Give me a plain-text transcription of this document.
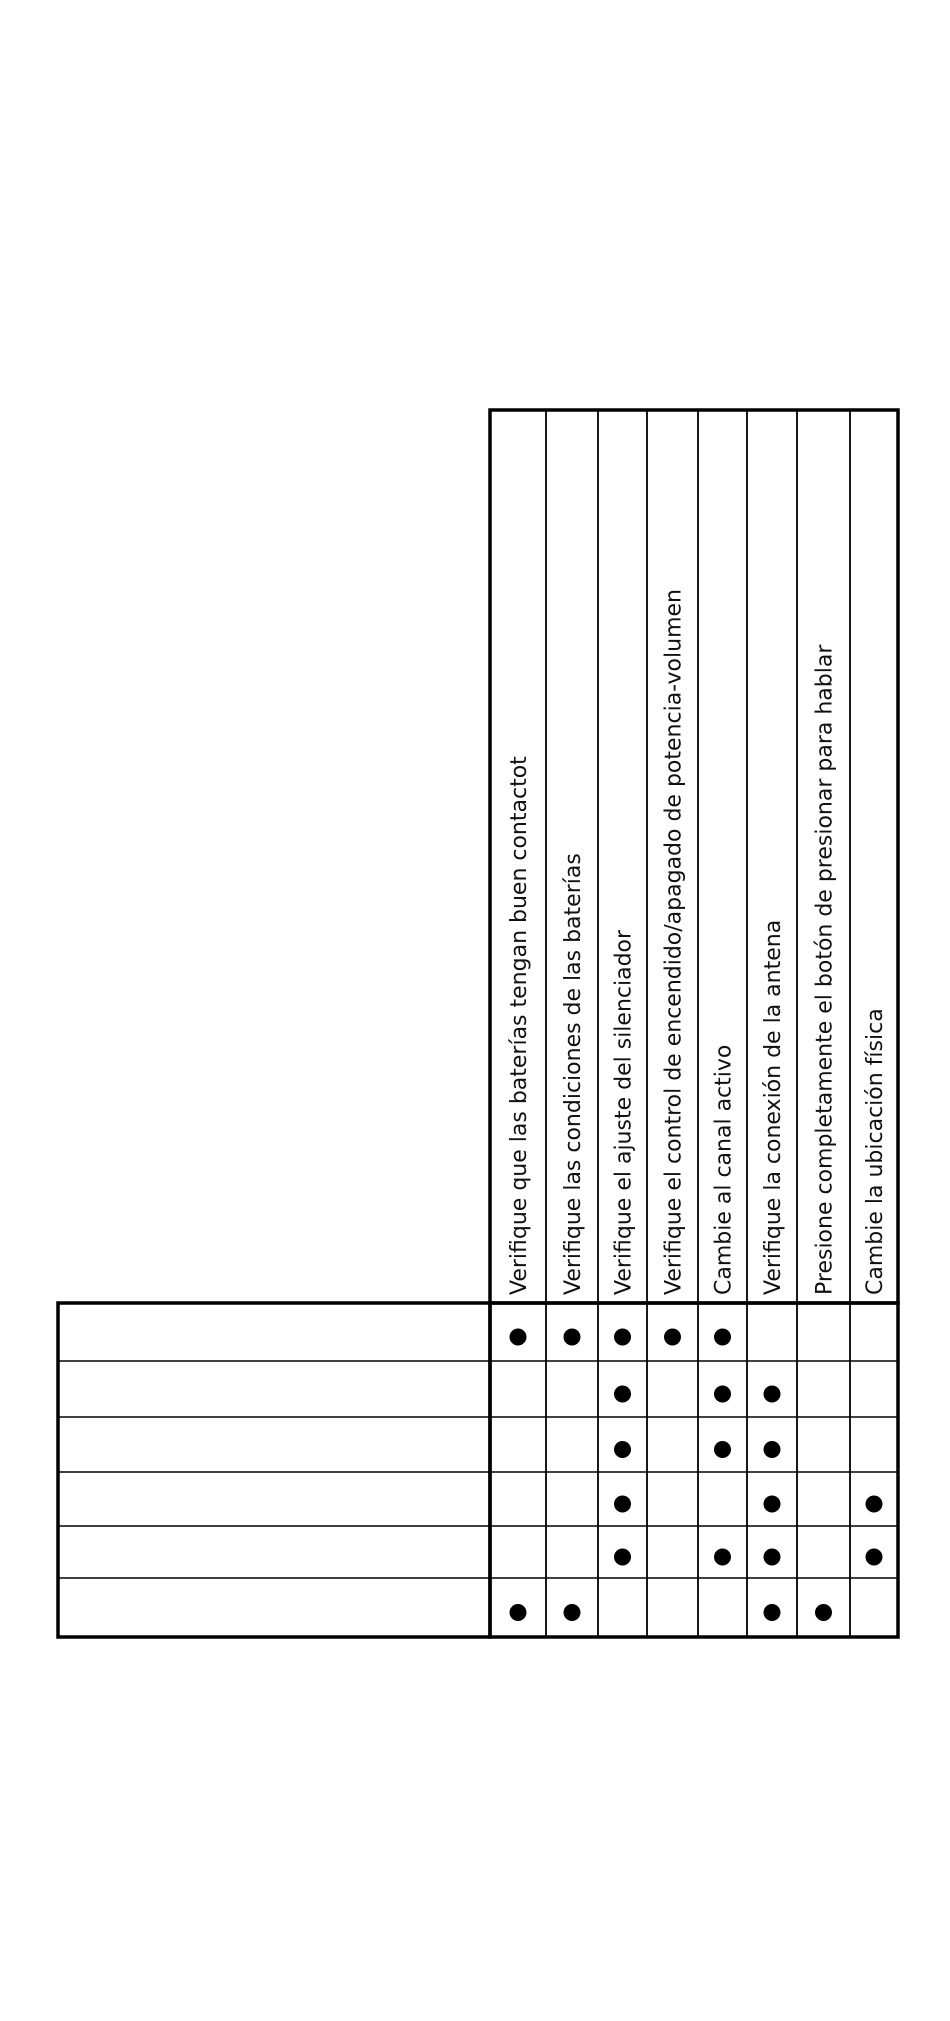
Verifique que las baterías tengan buen contactot Verifique las condiciones de las baterías Verifique el ajuste del silenciador Verifique el control de encendido/apagado de potencia-volumen Cambie al canal activo Verifique la conexión de la antena Presione completamente el botón de presionar para hablar Cambie la ubicación física
